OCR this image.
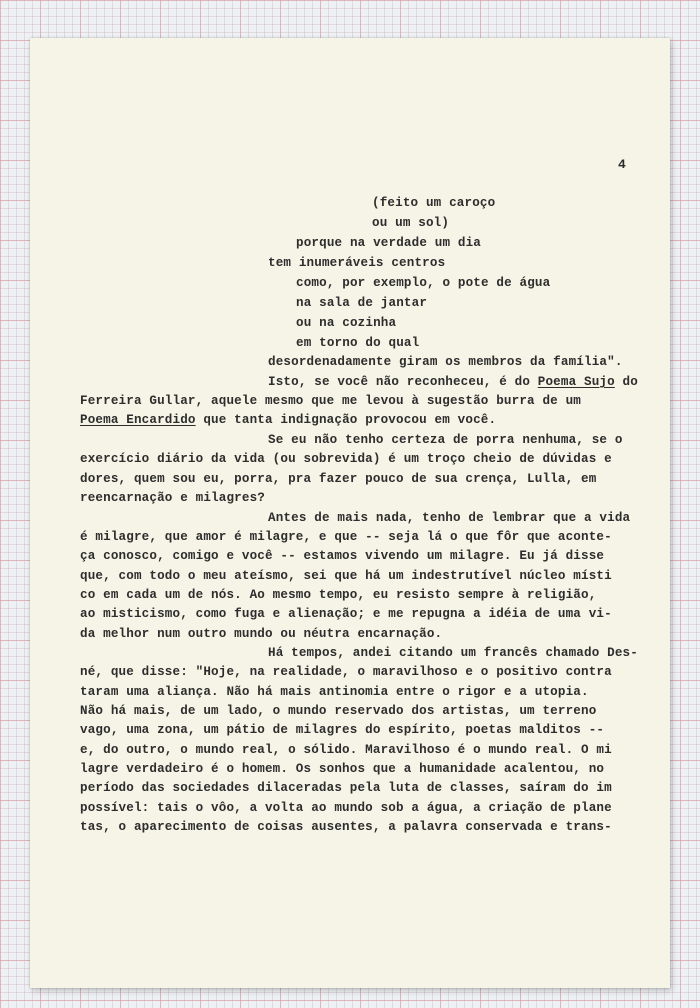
4
(feito um caroço
ou um sol)
porque na verdade um dia
tem inumeráveis centros
como, por exemplo, o pote de água
na sala de jantar
ou na cozinha
em torno do qual
desordenadamente giram os membros da família".
Isto, se você não reconheceu, é do Poema Sujo do
Ferreira Gullar, aquele mesmo que me levou à sugestão burra de um
Poema Encardido que tanta indignação provocou em você.
Se eu não tenho certeza de porra nenhuma, se o
exercício diário da vida (ou sobrevida) é um troço cheio de dúvidas e
dores, quem sou eu, porra, pra fazer pouco de sua crença, Lulla, em
reencarnação e milagres?
Antes de mais nada, tenho de lembrar que a vida
é milagre, que amor é milagre, e que -- seja lá o que fôr que aconte-
ça conosco, comigo e você -- estamos vivendo um milagre. Eu já disse
que, com todo o meu ateísmo, sei que há um indestrutível núcleo místi
co em cada um de nós. Ao mesmo tempo, eu resisto sempre à religião,
ao misticismo, como fuga e alienação; e me repugna a idéia de uma vi-
da melhor num outro mundo ou néutra encarnação.
Há tempos, andei citando um francês chamado Des-
né, que disse: "Hoje, na realidade, o maravilhoso e o positivo contra
taram uma aliança. Não há mais antinomia entre o rigor e a utopia.
Não há mais, de um lado, o mundo reservado dos artistas, um terreno
vago, uma zona, um pátio de milagres do espírito, poetas malditos --
e, do outro, o mundo real, o sólido. Maravilhoso é o mundo real. O mi
lagre verdadeiro é o homem. Os sonhos que a humanidade acalentou, no
período das sociedades dilaceradas pela luta de classes, saíram do im
possível: tais o vôo, a volta ao mundo sob a água, a criação de plane
tas, o aparecimento de coisas ausentes, a palavra conservada e trans-
